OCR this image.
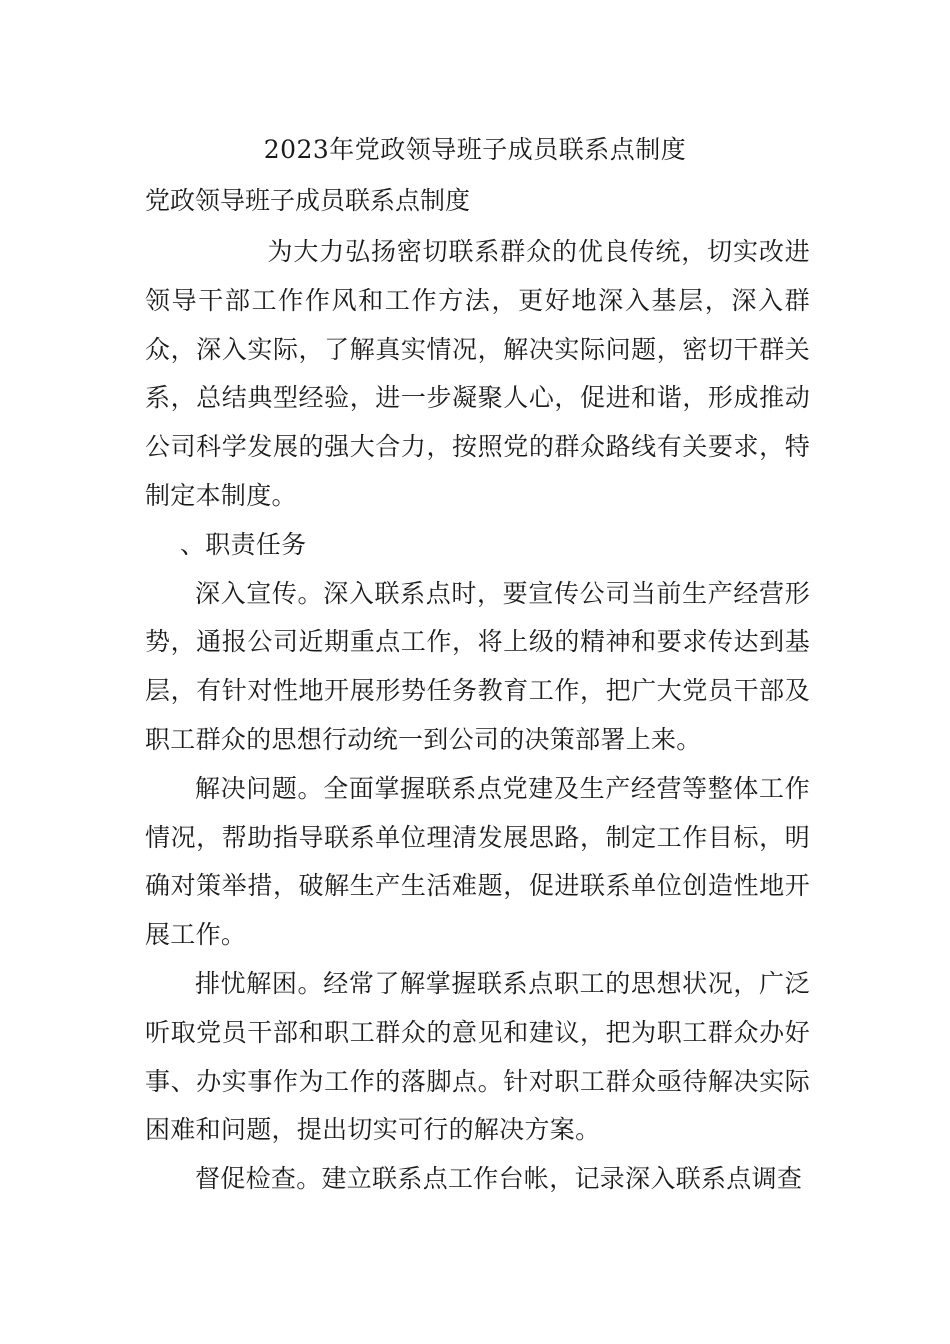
2023年党政领导班子成员联系点制度
党政领导班子成员联系点制度

为大力弘扬密切联系群众的优良传统，切实改进领导干部工作作风和工作方法，更好地深入基层，深入群众，深入实际，了解真实情况，解决实际问题，密切干群关系，总结典型经验，进一步凝聚人心，促进和谐，形成推动公司科学发展的强大合力，按照党的群众路线有关要求，特制定本制度。

、职责任务

深入宣传。深入联系点时，要宣传公司当前生产经营形势，通报公司近期重点工作，将上级的精神和要求传达到基层，有针对性地开展形势任务教育工作，把广大党员干部及职工群众的思想行动统一到公司的决策部署上来。

解决问题。全面掌握联系点党建及生产经营等整体工作情况，帮助指导联系单位理清发展思路，制定工作目标，明确对策举措，破解生产生活难题，促进联系单位创造性地开展工作。

排忧解困。经常了解掌握联系点职工的思想状况，广泛听取党员干部和职工群众的意见和建议，把为职工群众办好事、办实事作为工作的落脚点。针对职工群众亟待解决实际困难和问题，提出切实可行的解决方案。

督促检查。建立联系点工作台帐，记录深入联系点调查
